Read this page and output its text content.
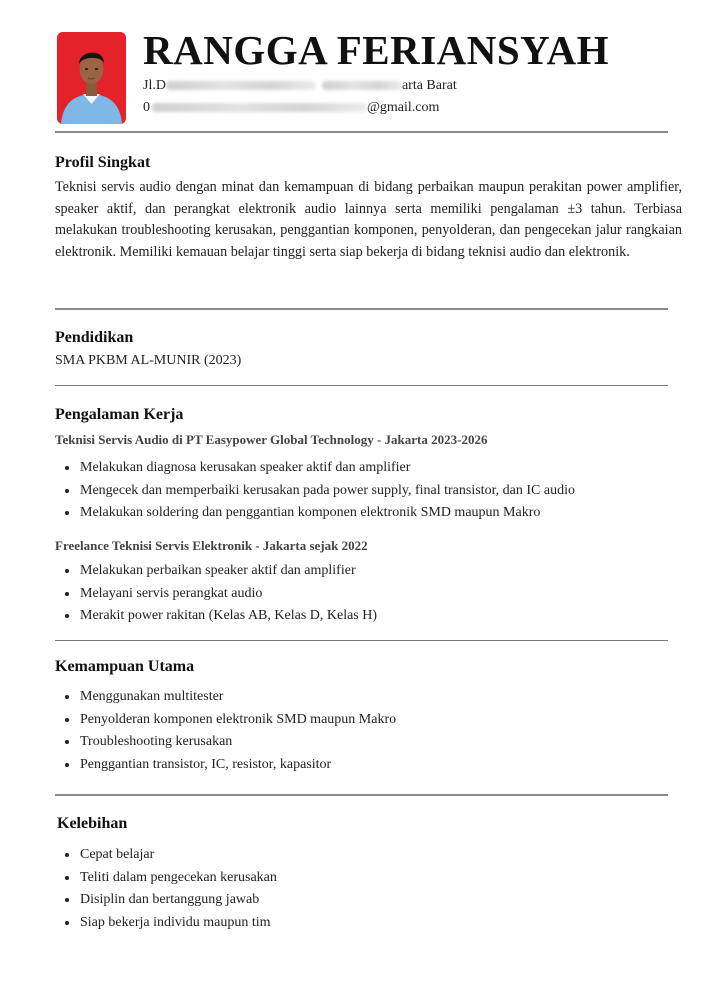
RANGGA FERIANSYAH
Jl.D	arta Barat
0	@gmail.com
Profil Singkat
Teknisi servis audio dengan minat dan kemampuan di bidang perbaikan maupun perakitan power amplifier, speaker aktif, dan perangkat elektronik audio lainnya serta memiliki pengalaman ±3 tahun. Terbiasa melakukan troubleshooting kerusakan, penggantian komponen, penyolderan, dan pengecekan jalur rangkaian elektronik. Memiliki kemauan belajar tinggi serta siap bekerja di bidang teknisi audio dan elektronik.
Pendidikan
SMA PKBM AL-MUNIR (2023)
Pengalaman Kerja
Teknisi Servis Audio di PT Easypower Global Technology - Jakarta 2023-2026
Melakukan diagnosa kerusakan speaker aktif dan amplifier
Mengecek dan memperbaiki kerusakan pada power supply, final transistor, dan IC audio
Melakukan soldering dan penggantian komponen elektronik SMD maupun Makro
Freelance Teknisi Servis Elektronik - Jakarta sejak 2022
Melakukan perbaikan speaker aktif dan amplifier
Melayani servis perangkat audio
Merakit power rakitan (Kelas AB, Kelas D, Kelas H)
Kemampuan Utama
Menggunakan multitester
Penyolderan komponen elektronik SMD maupun Makro
Troubleshooting kerusakan
Penggantian transistor, IC, resistor, kapasitor
Kelebihan
Cepat belajar
Teliti dalam pengecekan kerusakan
Disiplin dan bertanggung jawab
Siap bekerja individu maupun tim
